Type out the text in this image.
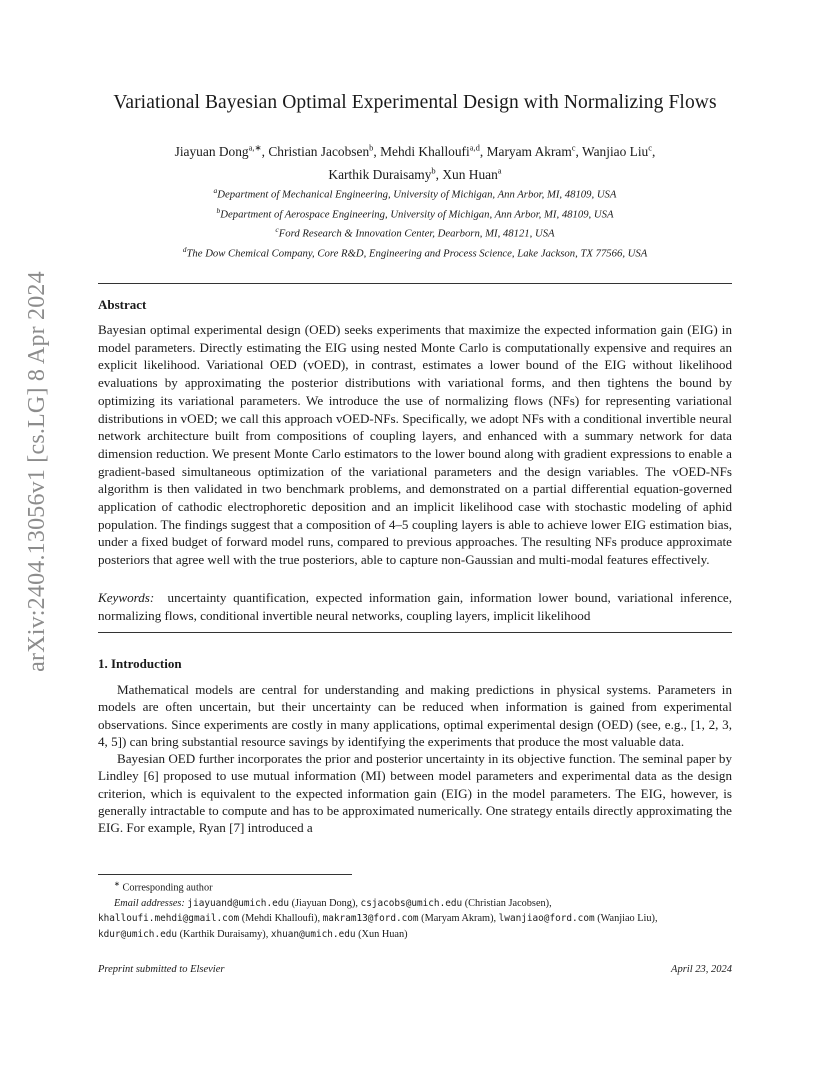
arXiv:2404.13056v1 [cs.LG] 8 Apr 2024
Variational Bayesian Optimal Experimental Design with Normalizing Flows
Jiayuan Dong$^{a,∗}$, Christian Jacobsen$^b$, Mehdi Khalloufi$^{a,d}$, Maryam Akram$^c$, Wanjiao Liu$^c$,
Karthik Duraisamy$^b$, Xun Huan$^a$
$^a$Department of Mechanical Engineering, University of Michigan, Ann Arbor, MI, 48109, USA
$^b$Department of Aerospace Engineering, University of Michigan, Ann Arbor, MI, 48109, USA
$^c$Ford Research & Innovation Center, Dearborn, MI, 48121, USA
$^d$The Dow Chemical Company, Core R&D, Engineering and Process Science, Lake Jackson, TX 77566, USA
Abstract

Bayesian optimal experimental design (OED) seeks experiments that maximize the expected information gain (EIG) in model parameters. Directly estimating the EIG using nested Monte Carlo is computationally expensive and requires an explicit likelihood. Variational OED (vOED), in contrast, estimates a lower bound of the EIG without likelihood evaluations by approximating the posterior distributions with variational forms, and then tightens the bound by optimizing its variational parameters. We introduce the use of normalizing flows (NFs) for representing variational distributions in vOED; we call this approach vOED-NFs. Specifically, we adopt NFs with a conditional invertible neural network architecture built from compositions of coupling layers, and enhanced with a summary network for data dimension reduction. We present Monte Carlo estimators to the lower bound along with gradient expressions to enable a gradient-based simultaneous optimization of the variational parameters and the design variables. The vOED-NFs algorithm is then validated in two benchmark problems, and demonstrated on a partial differential equation-governed application of cathodic electrophoretic deposition and an implicit likelihood case with stochastic modeling of aphid population. The findings suggest that a composition of 4–5 coupling layers is able to achieve lower EIG estimation bias, under a fixed budget of forward model runs, compared to previous approaches. The resulting NFs produce approximate posteriors that agree well with the true posteriors, able to capture non-Gaussian and multi-modal features effectively.

Keywords: uncertainty quantification, expected information gain, information lower bound, variational inference, normalizing flows, conditional invertible neural networks, coupling layers, implicit likelihood

1. Introduction

Mathematical models are central for understanding and making predictions in physical systems. Parameters in models are often uncertain, but their uncertainty can be reduced when information is gained from experimental observations. Since experiments are costly in many applications, optimal experimental design (OED) (see, e.g., [1, 2, 3, 4, 5]) can bring substantial resource savings by identifying the experiments that produce the most valuable data.

Bayesian OED further incorporates the prior and posterior uncertainty in its objective function. The seminal paper by Lindley [6] proposed to use mutual information (MI) between model parameters and experimental data as the design criterion, which is equivalent to the expected information gain (EIG) in the model parameters. The EIG, however, is generally intractable to compute and has to be approximated numerically. One strategy entails directly approximating the EIG. For example, Ryan [7] introduced a

∗ Corresponding author
Email addresses: jiayuand@umich.edu (Jiayuan Dong), csjacobs@umich.edu (Christian Jacobsen),
khalloufi.mehdi@gmail.com (Mehdi Khalloufi), makram13@ford.com (Maryam Akram), lwanjiao@ford.com (Wanjiao Liu),
kdur@umich.edu (Karthik Duraisamy), xhuan@umich.edu (Xun Huan)
Preprint submitted to Elsevier	April 23, 2024
